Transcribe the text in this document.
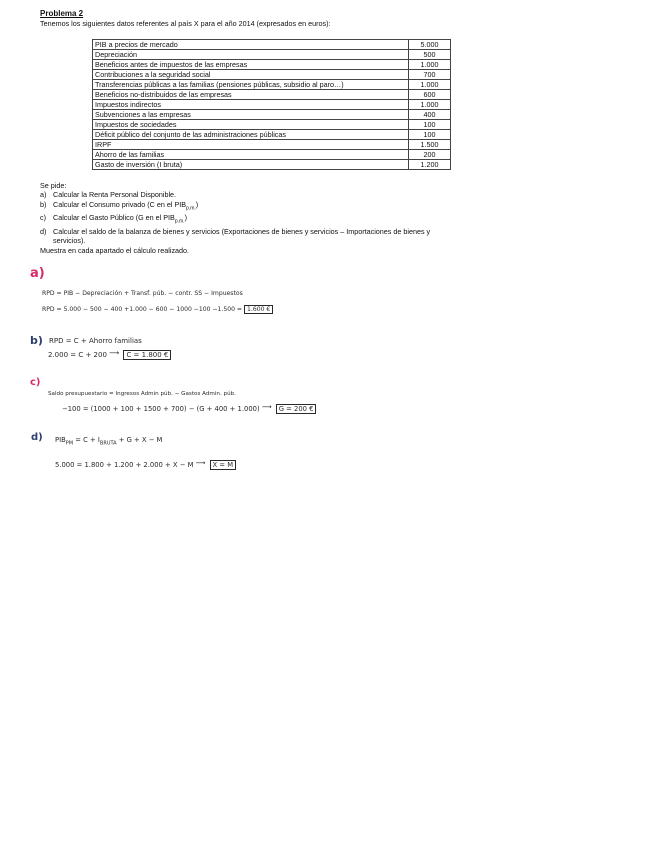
Problema 2
Tenemos los siguientes datos referentes al país X para el año 2014 (expresados en euros):
PIB a precios de mercado	5.000
Depreciación	500
Beneficios antes de impuestos de las empresas	1.000
Contribuciones a la seguridad social	700
Transferencias públicas a las familias (pensiones públicas, subsidio al paro…)	1.000
Beneficios no-distribuidos de las empresas	600
Impuestos indirectos	1.000
Subvenciones a las empresas	400
Impuestos de sociedades	100
Déficit público del conjunto de las administraciones públicas	100
IRPF	1.500
Ahorro de las familias	200
Gasto de inversión (I bruta)	1.200
Se pide:
a) Calcular la Renta Personal Disponible.
b) Calcular el Consumo privado (C en el $PIB_{p.m.}$)
c) Calcular el Gasto Público (G en el $PIB_{p.m.}$)
d) Calcular el saldo de la balanza de bienes y servicios (Exportaciones de bienes y servicios – Importaciones de bienes y
servicios).
Muestra en cada apartado el cálculo realizado.
a)
RPD = PIB − Depreciación + Transf. púb. − contr. SS − Impuestos
RPD = 5.000 − 500 − 400 +1.000 − 600 − 1000 −100 −1.500 = 1.600 €
b) RPD = C + Ahorro familias
2.000 = C + 200 ⟶ C = 1.800 €
c)
Saldo presupuestario = Ingresos Admin púb. − Gastos Admin. púb.
−100 = (1000 + 100 + 1500 + 700) − (G + 400 + 1.000) ⟶ G = 200 €
d) $PIB_{PM} = C + I_{BRUTA} + G + X - M$
5.000 = 1.800 + 1.200 + 2.000 + X − M ⟶ X = M
